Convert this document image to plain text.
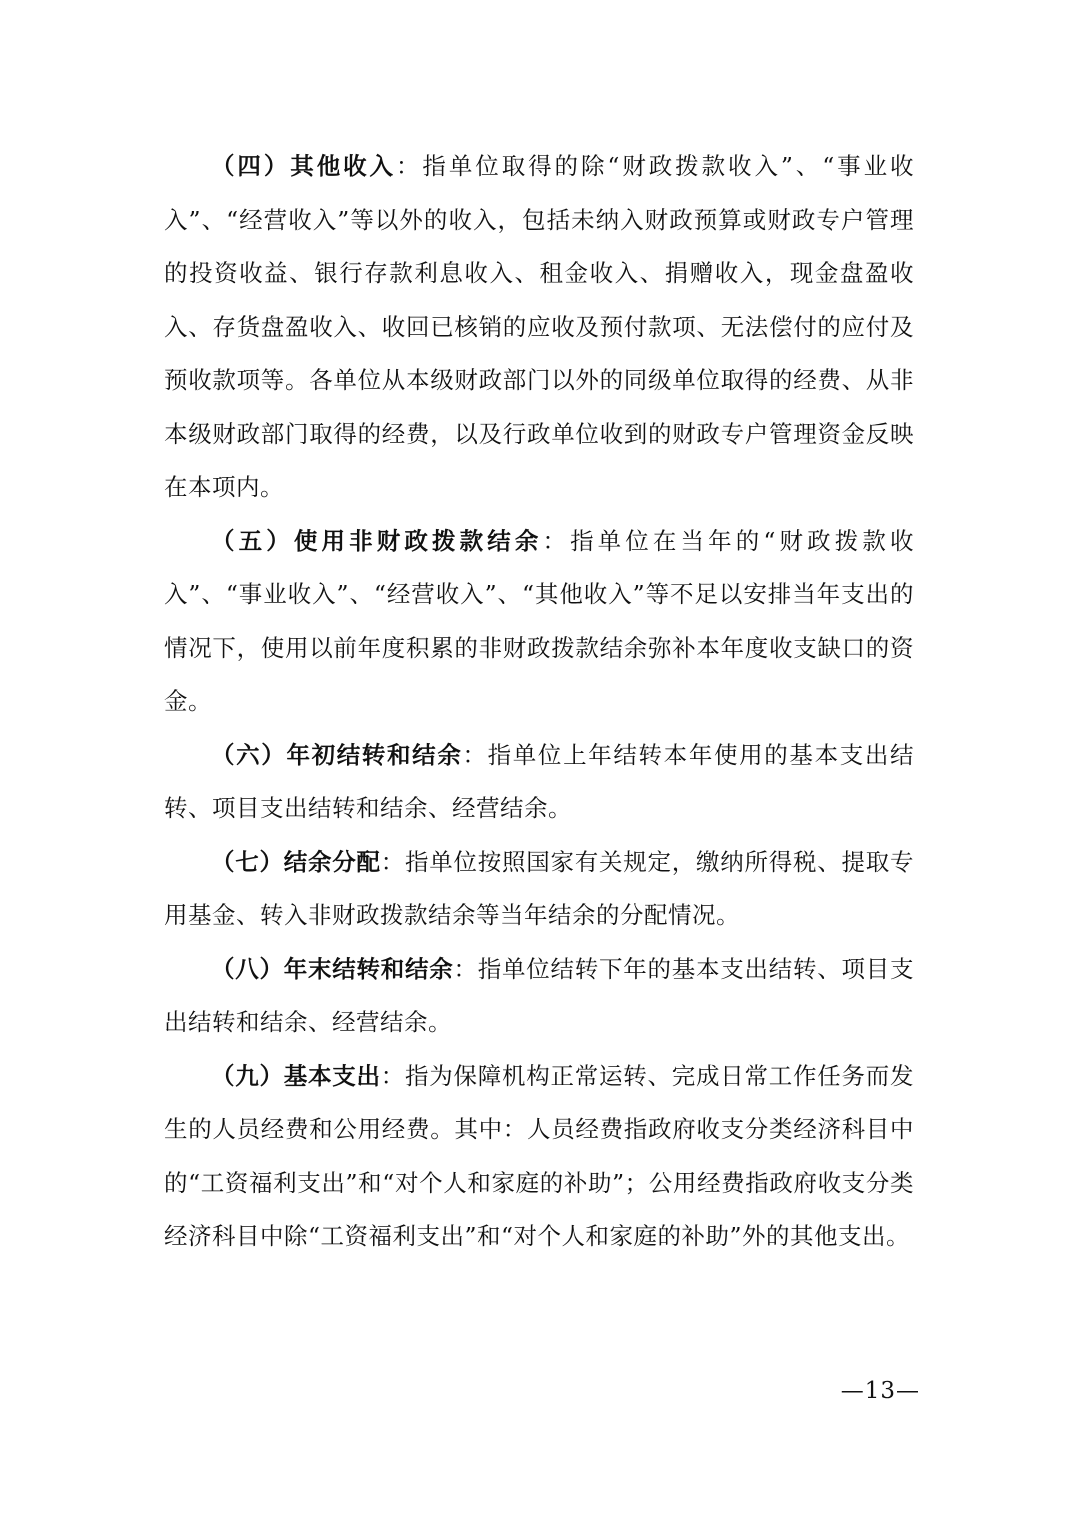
（四）其他收入：指单位取得的除“财政拨款收入”、“事业收入”、“经营收入”等以外的收入，包括未纳入财政预算或财政专户管理的投资收益、银行存款利息收入、租金收入、捐赠收入，现金盘盈收入、存货盘盈收入、收回已核销的应收及预付款项、无法偿付的应付及预收款项等。各单位从本级财政部门以外的同级单位取得的经费、从非本级财政部门取得的经费，以及行政单位收到的财政专户管理资金反映在本项内。

（五）使用非财政拨款结余：指单位在当年的“财政拨款收入”、“事业收入”、“经营收入”、“其他收入”等不足以安排当年支出的情况下，使用以前年度积累的非财政拨款结余弥补本年度收支缺口的资金。

（六）年初结转和结余：指单位上年结转本年使用的基本支出结转、项目支出结转和结余、经营结余。

（七）结余分配：指单位按照国家有关规定，缴纳所得税、提取专用基金、转入非财政拨款结余等当年结余的分配情况。

（八）年末结转和结余：指单位结转下年的基本支出结转、项目支出结转和结余、经营结余。

（九）基本支出：指为保障机构正常运转、完成日常工作任务而发生的人员经费和公用经费。其中：人员经费指政府收支分类经济科目中的“工资福利支出”和“对个人和家庭的补助”；公用经费指政府收支分类经济科目中除“工资福利支出”和“对个人和家庭的补助”外的其他支出。

—13—
